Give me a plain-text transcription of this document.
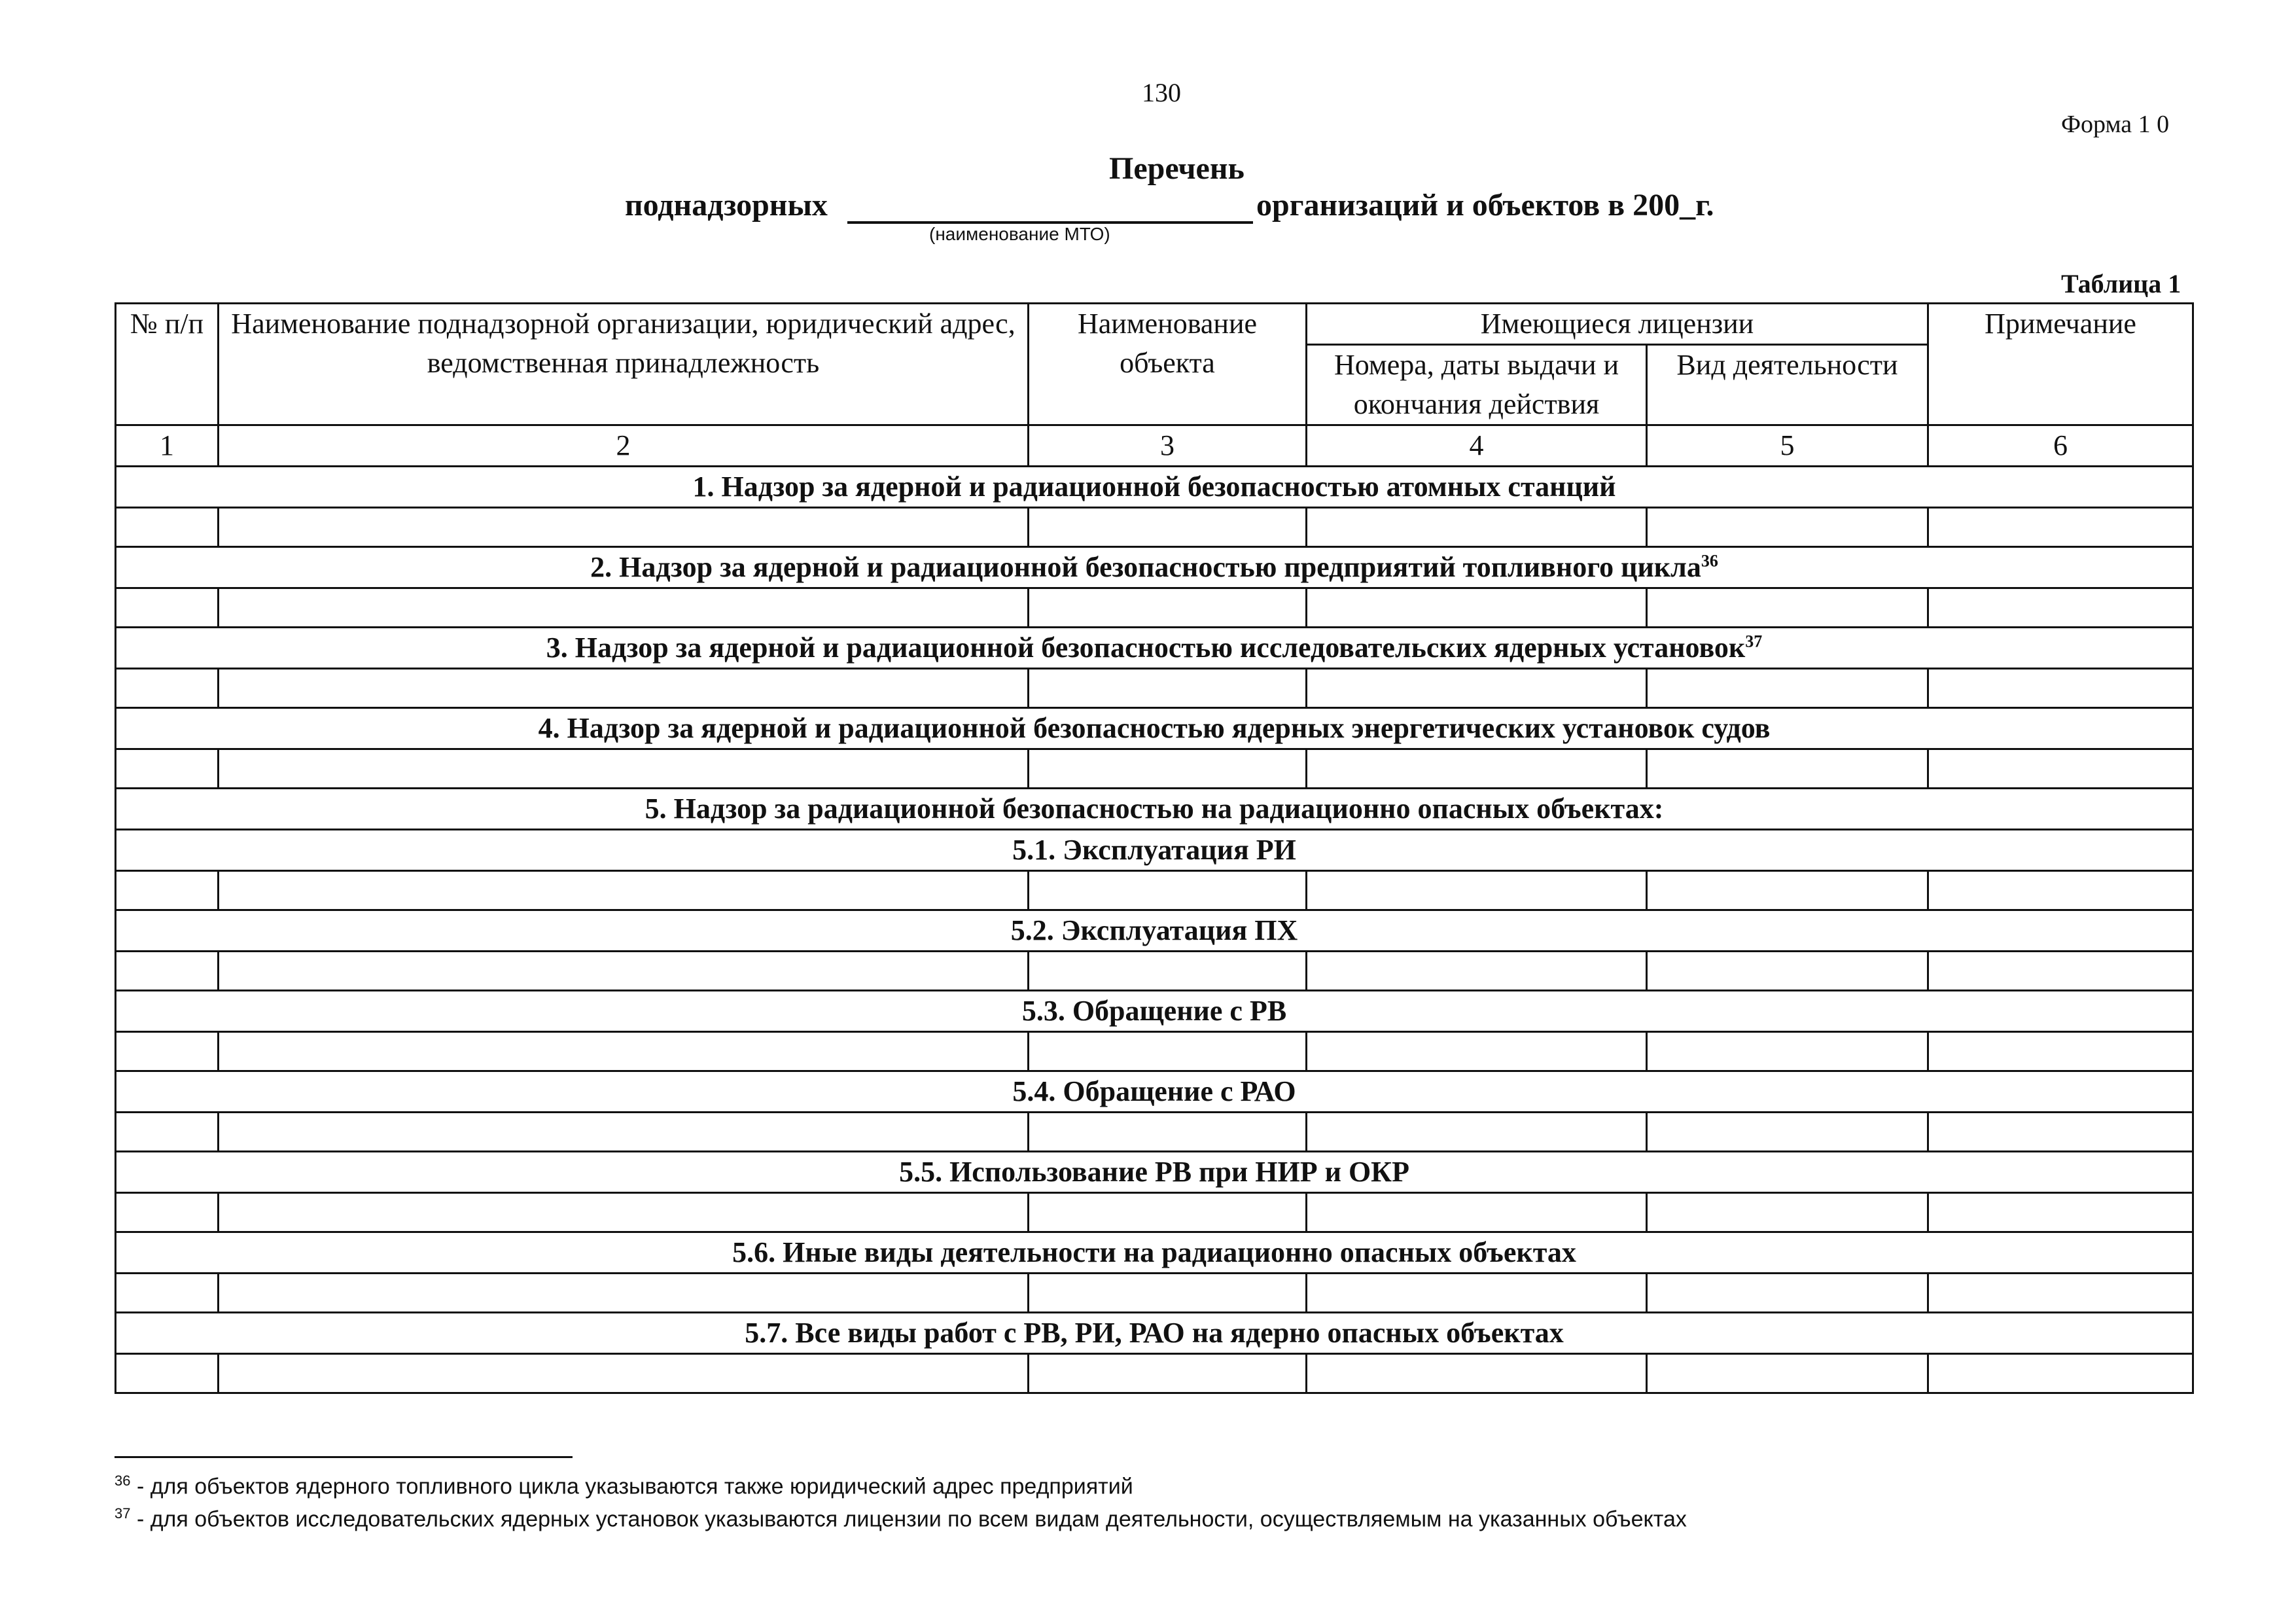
130
Форма 1 0
Перечень
поднадзорных	организаций и объектов в 200_г.
(наименование МТО)
Таблица 1
№ п/п	Наименование поднадзорной организации, юридический адрес, ведомственная принадлежность	Наименование объекта	Имеющиеся лицензии		Примечание
			Номера, даты выдачи и окончания действия	Вид деятельности	
1	2	3	4	5	6
1. Надзор за ядерной и радиационной безопасностью атомных станций					

2. Надзор за ядерной и радиационной безопасностью предприятий топливного цикла$^{36}$

3. Надзор за ядерной и радиационной безопасностью исследовательских ядерных установок$^{37}$

4. Надзор за ядерной и радиационной безопасностью ядерных энергетических установок судов					

5. Надзор за радиационной безопасностью на радиационно опасных объектах:					
5.1. Эксплуатация РИ					

5.2. Эксплуатация ПХ					

5.3. Обращение с РВ					

5.4. Обращение с РАО					

5.5. Использование РВ при НИР и ОКР					

5.6. Иные виды деятельности на радиационно опасных объектах					

5.7. Все виды работ с РВ, РИ, РАО на ядерно опасных объектах					

$^{36}$ - для объектов ядерного топливного цикла указываются также юридический адрес предприятий
$^{37}$ - для объектов исследовательских ядерных установок указываются лицензии по всем видам деятельности, осуществляемым на указанных объектах
